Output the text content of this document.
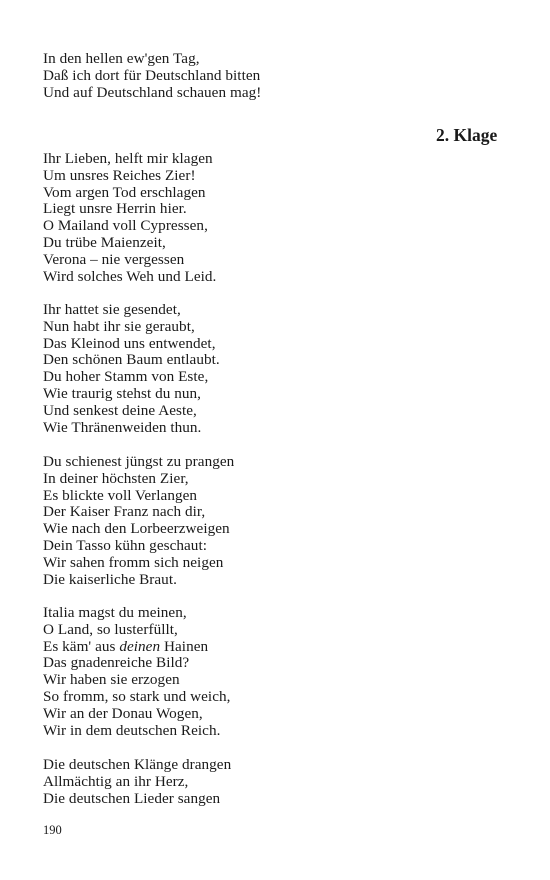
In den hellen ew'gen Tag,
Daß ich dort für Deutschland bitten
Und auf Deutschland schauen mag!
2. Klage
Ihr Lieben, helft mir klagen
Um unsres Reiches Zier!
Vom argen Tod erschlagen
Liegt unsre Herrin hier.
O Mailand voll Cypressen,
Du trübe Maienzeit,
Verona – nie vergessen
Wird solches Weh und Leid.
Ihr hattet sie gesendet,
Nun habt ihr sie geraubt,
Das Kleinod uns entwendet,
Den schönen Baum entlaubt.
Du hoher Stamm von Este,
Wie traurig stehst du nun,
Und senkest deine Aeste,
Wie Thränenweiden thun.
Du schienest jüngst zu prangen
In deiner höchsten Zier,
Es blickte voll Verlangen
Der Kaiser Franz nach dir,
Wie nach den Lorbeerzweigen
Dein Tasso kühn geschaut:
Wir sahen fromm sich neigen
Die kaiserliche Braut.
Italia magst du meinen,
O Land, so lusterfüllt,
Es käm' aus deinen Hainen
Das gnadenreiche Bild?
Wir haben sie erzogen
So fromm, so stark und weich,
Wir an der Donau Wogen,
Wir in dem deutschen Reich.
Die deutschen Klänge drangen
Allmächtig an ihr Herz,
Die deutschen Lieder sangen
190
